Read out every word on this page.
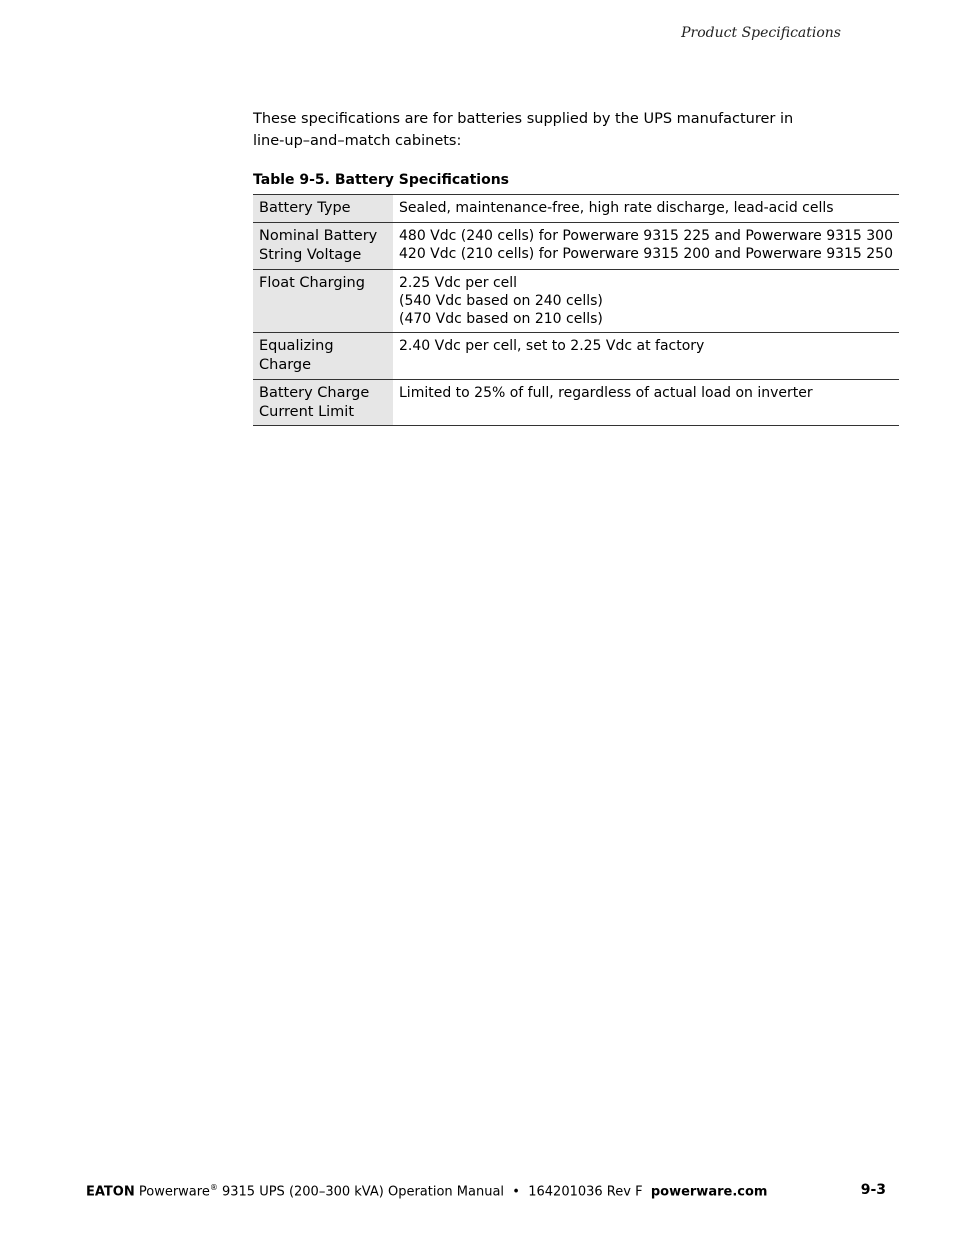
Product Specifications

These specifications are for batteries supplied by the UPS manufacturer in line-up–and–match cabinets:

Table 9-5. Battery Specifications
Battery Type	Sealed, maintenance-free, high rate discharge, lead-acid cells

Nominal Battery String Voltage	480 Vdc (240 cells) for Powerware 9315 225 and Powerware 9315 300
420 Vdc (210 cells) for Powerware 9315 200 and Powerware 9315 250

Float Charging	2.25 Vdc per cell
(540 Vdc based on 240 cells)
(470 Vdc based on 210 cells)

Equalizing Charge	2.40 Vdc per cell, set to 2.25 Vdc at factory

Battery Charge Current Limit	Limited to 25% of full, regardless of actual load on inverter
EATON Powerware® 9315 UPS (200–300 kVA) Operation Manual • 164201036 Rev F powerware.com	9-3
